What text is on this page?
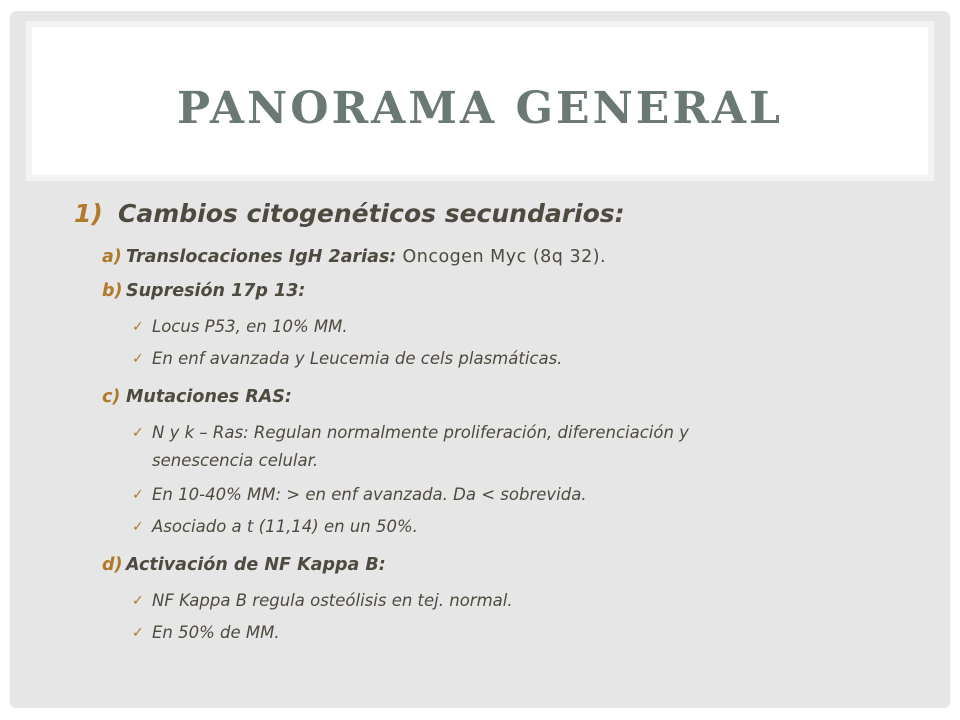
PANORAMA GENERAL
1) Cambios citogenéticos secundarios:
a) Translocaciones IgH 2arias: Oncogen Myc (8q 32).
b) Supresión 17p 13:
✓ Locus P53, en 10% MM.
✓ En enf avanzada y Leucemia de cels plasmáticas.
c) Mutaciones RAS:
✓ N y k – Ras: Regulan normalmente proliferación, diferenciación y senescencia celular.
✓ En 10-40% MM: > en enf avanzada. Da < sobrevida.
✓ Asociado a t (11,14) en un 50%.
d) Activación de NF Kappa B:
✓ NF Kappa B regula osteólisis en tej. normal.
✓ En 50% de MM.
